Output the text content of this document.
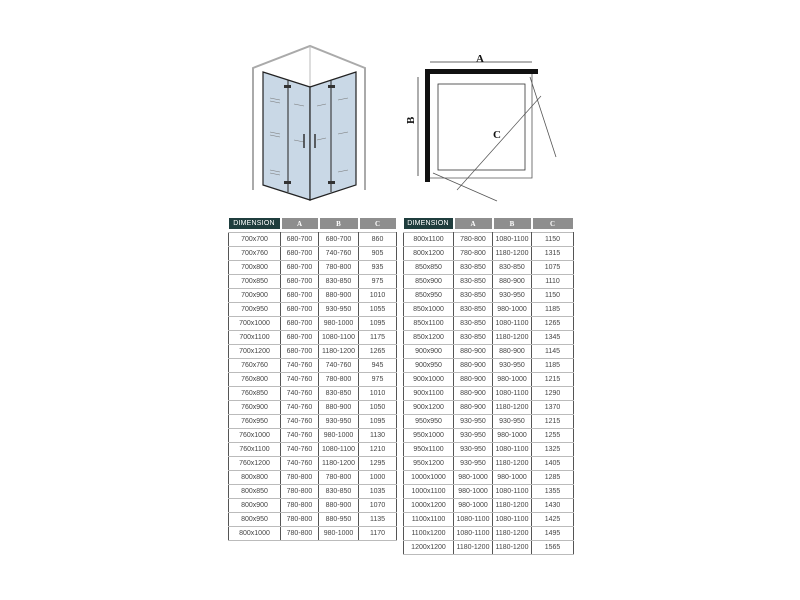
A
B
C
DIMENSION	A	B	C

700x700	680-700	680-700	860
700x760	680-700	740-760	905
700x800	680-700	780-800	935
700x850	680-700	830-850	975
700x900	680-700	880-900	1010
700x950	680-700	930-950	1055
700x1000	680-700	980-1000	1095
700x1100	680-700	1080-1100	1175
700x1200	680-700	1180-1200	1265
760x760	740-760	740-760	945
760x800	740-760	780-800	975
760x850	740-760	830-850	1010
760x900	740-760	880-900	1050
760x950	740-760	930-950	1095
760x1000	740-760	980-1000	1130
760x1100	740-760	1080-1100	1210
760x1200	740-760	1180-1200	1295
800x800	780-800	780-800	1000
800x850	780-800	830-850	1035
800x900	780-800	880-900	1070
800x950	780-800	880-950	1135
800x1000	780-800	980-1000	1170
DIMENSION	A	B	C

800x1100	780-800	1080-1100	1150
800x1200	780-800	1180-1200	1315
850x850	830-850	830-850	1075
850x900	830-850	880-900	1110
850x950	830-850	930-950	1150
850x1000	830-850	980-1000	1185
850x1100	830-850	1080-1100	1265
850x1200	830-850	1180-1200	1345
900x900	880-900	880-900	1145
900x950	880-900	930-950	1185
900x1000	880-900	980-1000	1215
900x1100	880-900	1080-1100	1290
900x1200	880-900	1180-1200	1370
950x950	930-950	930-950	1215
950x1000	930-950	980-1000	1255
950x1100	930-950	1080-1100	1325
950x1200	930-950	1180-1200	1405
1000x1000	980-1000	980-1000	1285
1000x1100	980-1000	1080-1100	1355
1000x1200	980-1000	1180-1200	1430
1100x1100	1080-1100	1080-1100	1425
1100x1200	1080-1100	1180-1200	1495
1200x1200	1180-1200	1180-1200	1565
